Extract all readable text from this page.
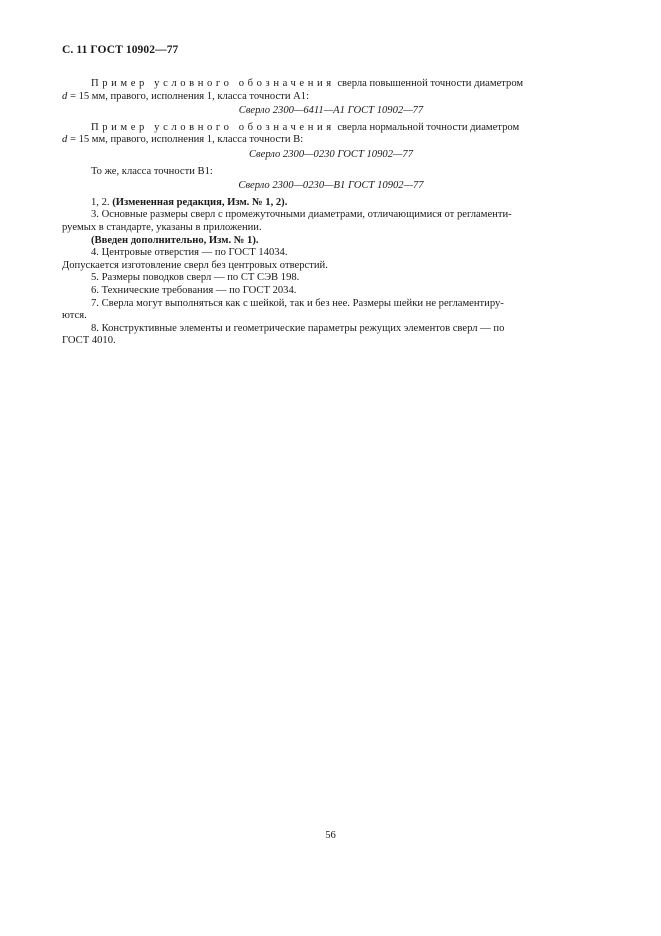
С. 11 ГОСТ 10902—77

Пример условного обозначения сверла повышенной точности диаметром
d = 15 мм, правого, исполнения 1, класса точности А1:

Сверло 2300—6411—А1 ГОСТ 10902—77

Пример условного обозначения сверла нормальной точности диаметром
d = 15 мм, правого, исполнения 1, класса точности В:

Сверло 2300—0230 ГОСТ 10902—77

То же, класса точности В1:

Сверло 2300—0230—В1 ГОСТ 10902—77

1, 2. (Измененная редакция, Изм. № 1, 2).

3. Основные размеры сверл с промежуточными диаметрами, отличающимися от регламенти-

руемых в стандарте, указаны в приложении.

(Введен дополнительно, Изм. № 1).

4. Центровые отверстия — по ГОСТ 14034.

Допускается изготовление сверл без центровых отверстий.

5. Размеры поводков сверл — по СТ СЭВ 198.

6. Технические требования — по ГОСТ 2034.

7. Сверла могут выполняться как с шейкой, так и без нее. Размеры шейки не регламентиру-

ются.

8. Конструктивные элементы и геометрические параметры режущих элементов сверл — по

ГОСТ 4010.

56
